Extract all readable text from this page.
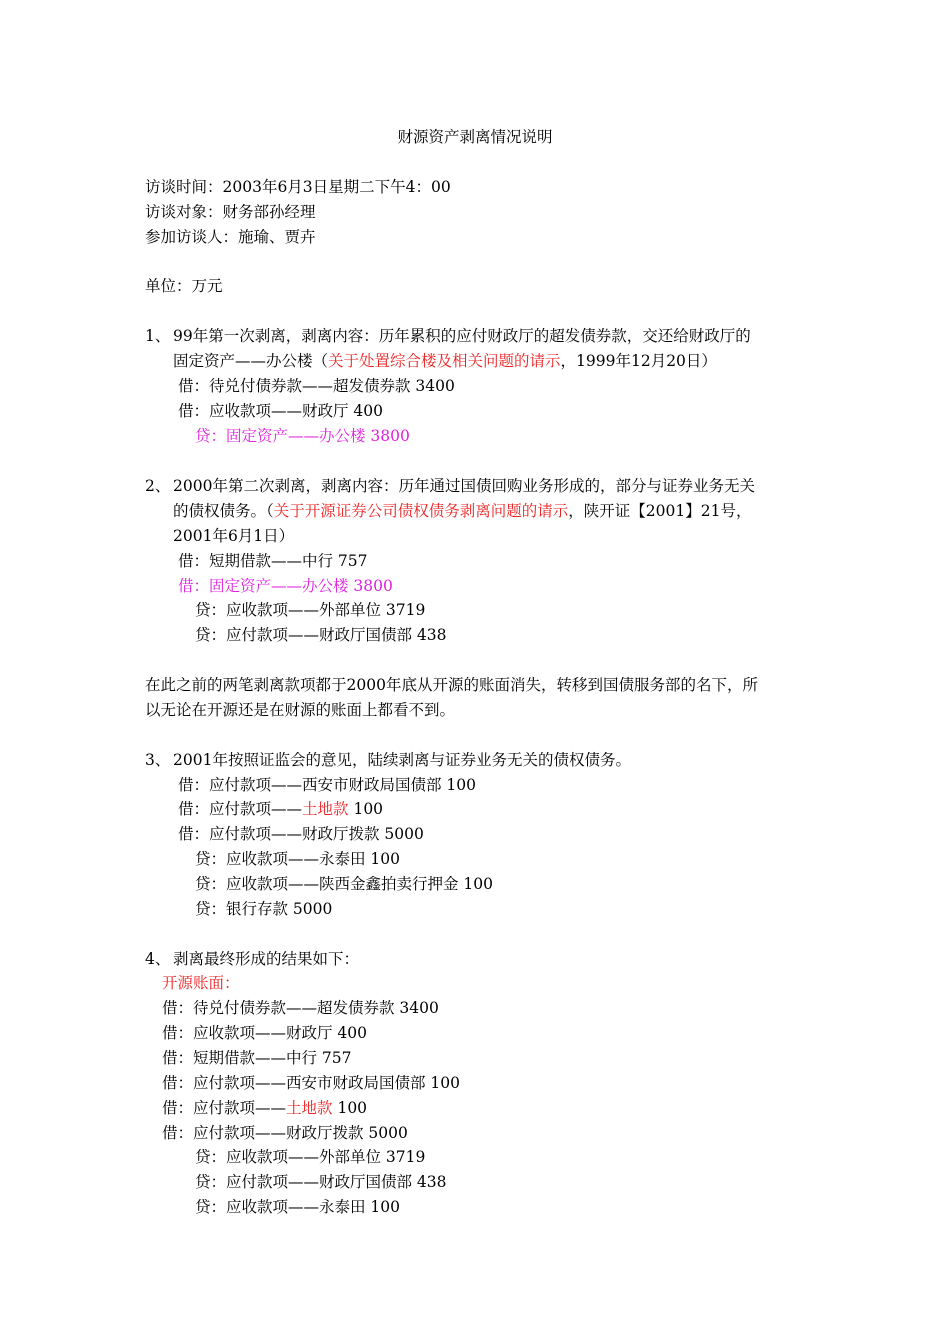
财源资产剥离情况说明
访谈时间：2003年6月3日星期二下午4：00
访谈对象：财务部孙经理
参加访谈人：施瑜、贾卉
单位：万元
1、 99年第一次剥离，剥离内容：历年累积的应付财政厅的超发债券款，交还给财政厅的
固定资产——办公楼（关于处置综合楼及相关问题的请示，1999年12月20日）
借：待兑付债券款——超发债券款 3400
借：应收款项——财政厅 400
贷：固定资产——办公楼 3800
2、 2000年第二次剥离，剥离内容：历年通过国债回购业务形成的，部分与证券业务无关
的债权债务。（关于开源证券公司债权债务剥离问题的请示，陕开证【2001】21号，
2001年6月1日）
借：短期借款——中行 757
借：固定资产——办公楼 3800
贷：应收款项——外部单位 3719
贷：应付款项——财政厅国债部 438
在此之前的两笔剥离款项都于2000年底从开源的账面消失，转移到国债服务部的名下，所
以无论在开源还是在财源的账面上都看不到。
3、 2001年按照证监会的意见，陆续剥离与证券业务无关的债权债务。
借：应付款项——西安市财政局国债部 100
借：应付款项——土地款 100
借：应付款项——财政厅拨款 5000
贷：应收款项——永泰田 100
贷：应收款项——陕西金鑫拍卖行押金 100
贷：银行存款 5000
4、 剥离最终形成的结果如下：
开源账面：
借：待兑付债券款——超发债券款 3400
借：应收款项——财政厅 400
借：短期借款——中行 757
借：应付款项——西安市财政局国债部 100
借：应付款项——土地款 100
借：应付款项——财政厅拨款 5000
贷：应收款项——外部单位 3719
贷：应付款项——财政厅国债部 438
贷：应收款项——永泰田 100
